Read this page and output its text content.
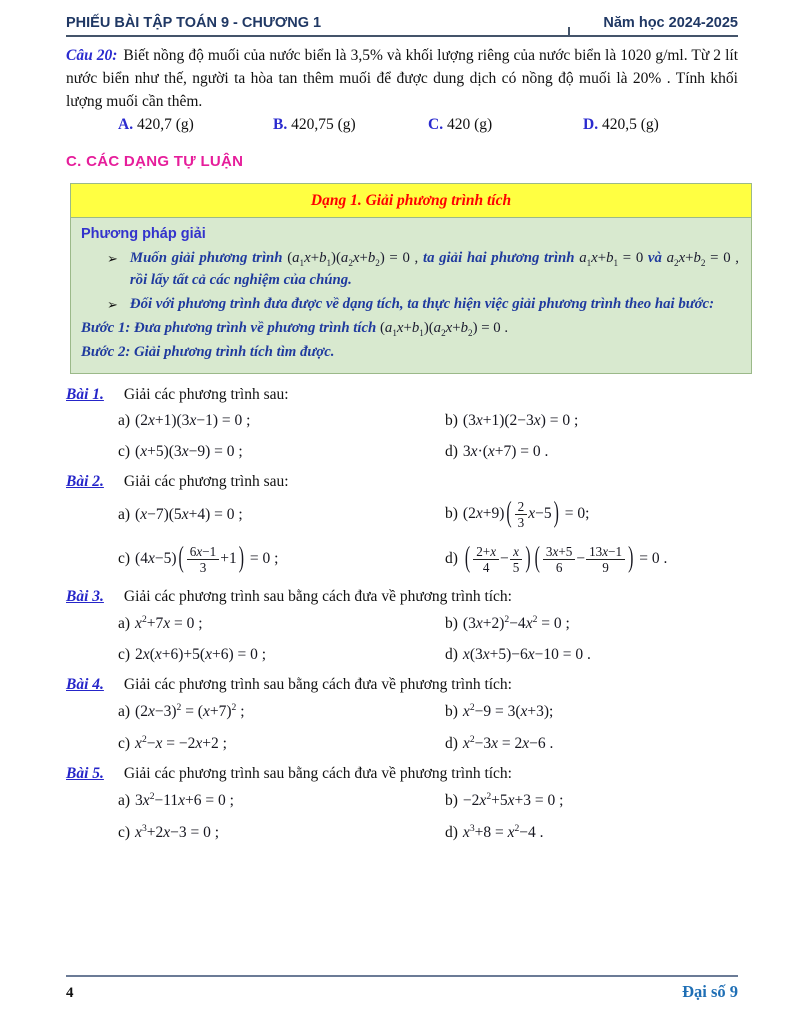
PHIẾU BÀI TẬP TOÁN 9 - CHƯƠNG 1	Năm học 2024-2025

Câu 20: Biết nồng độ muối của nước biển là 3,5% và khối lượng riêng của nước biển là 1020 g/ml. Từ 2 lít nước biển như thế, người ta hòa tan thêm muối để được dung dịch có nồng độ muối là 20% . Tính khối lượng muối cần thêm.

A. 420,7 (g)	B. 420,75 (g)	C. 420 (g)	D. 420,5 (g)
C. CÁC DẠNG TỰ LUẬN
Dạng 1. Giải phương trình tích
Phương pháp giải
➢ Muốn giải phương trình $(a_1x+b_1)(a_2x+b_2) = 0$ , ta giải hai phương trình $a_1x+b_1 = 0$ và $a_2x+b_2 = 0$ , rồi lấy tất cả các nghiệm của chúng.
➢ Đối với phương trình đưa được về dạng tích, ta thực hiện việc giải phương trình theo hai bước:
Bước 1: Đưa phương trình về phương trình tích $(a_1x+b_1)(a_2x+b_2) = 0$ .
Bước 2: Giải phương trình tích tìm được.
Bài 1. Giải các phương trình sau:
a) (2x+1)(3x−1) = 0 ;	b) (3x+1)(2−3x) = 0 ;
c) (x+5)(3x−9) = 0 ;	d) 3x·(x+7) = 0 .
Bài 2. Giải các phương trình sau:
a) (x−7)(5x+4) = 0 ;	b) (2x+9) ( $\frac{2}{3} x-5$ ) = 0;
c) (4x−5) ( $\frac{6x-1}{3} +1$ ) = 0 ;	d) ( $\frac{2+x}{4} - \frac{x}{5}$ ) ( $\frac{3x+5}{6} - \frac{13x-1}{9}$ ) = 0 .
Bài 3. Giải các phương trình sau bằng cách đưa về phương trình tích:
a) $x^2+7x = 0$ ;	b) $(3x+2)^2-4x^2 = 0$ ;
c) 2x(x+6)+5(x+6) = 0 ;	d) x(3x+5)−6x−10 = 0 .
Bài 4. Giải các phương trình sau bằng cách đưa về phương trình tích:
a) $(2x-3)^2 = (x+7)^2$ ;	b) $x^2-9 = 3(x+3)$;
c) $x^2-x = -2x+2$ ;	d) $x^2-3x = 2x-6$ .
Bài 5. Giải các phương trình sau bằng cách đưa về phương trình tích:
a) $3x^2-11x+6 = 0$ ;	$b) -2x^2+5x+3 = 0$ ;
c) $x^3+2x-3 = 0$ ;	d) $x^3+8 = x^2-4$ .
4	Đại số 9
